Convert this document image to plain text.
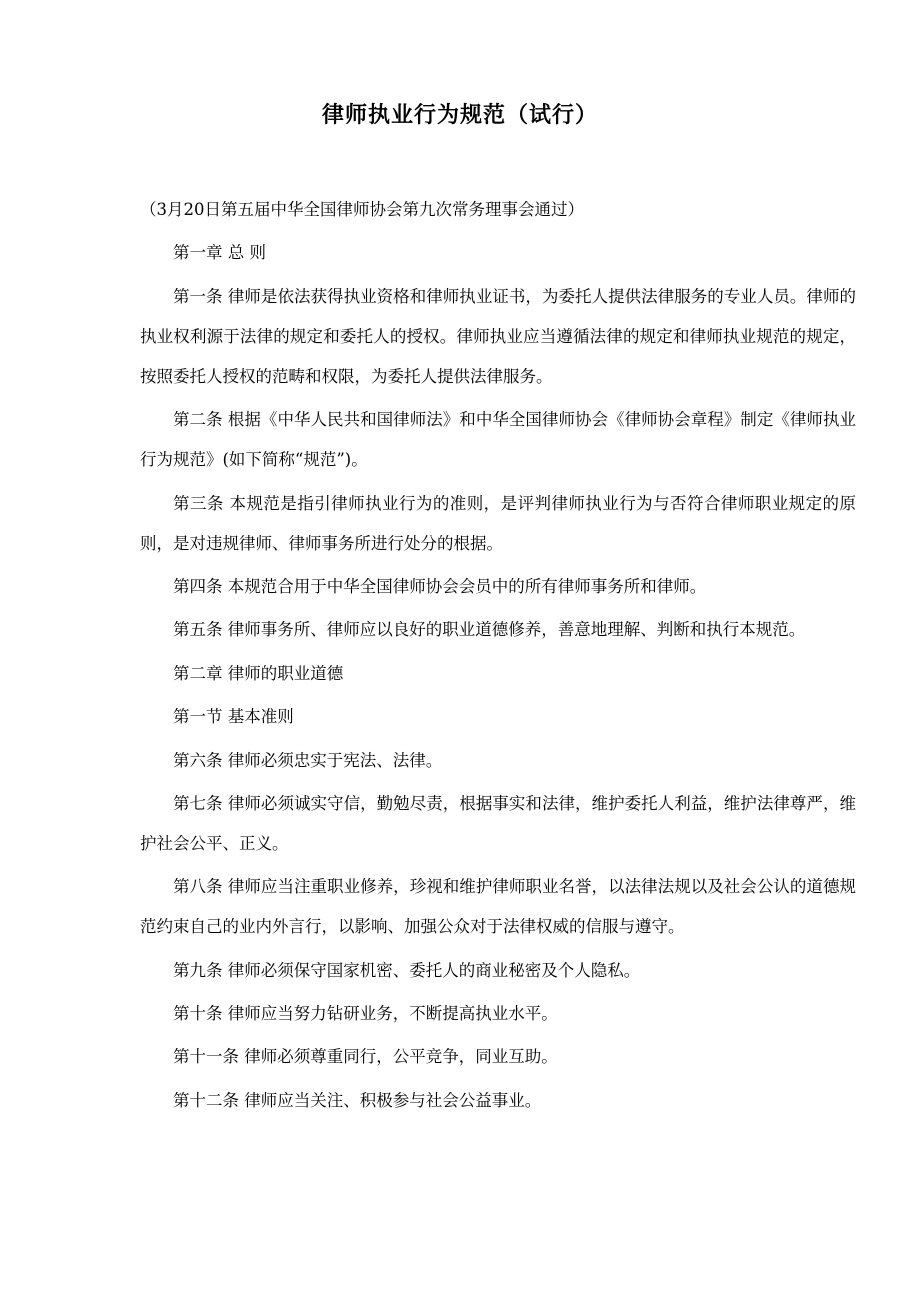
律师执业行为规范（试行）

（3月20日第五届中华全国律师协会第九次常务理事会通过）

第一章 总 则

第一条 律师是依法获得执业资格和律师执业证书，为委托人提供法律服务的专业人员。律师的执业权利源于法律的规定和委托人的授权。律师执业应当遵循法律的规定和律师执业规范的规定，按照委托人授权的范畴和权限，为委托人提供法律服务。

第二条 根据《中华人民共和国律师法》和中华全国律师协会《律师协会章程》制定《律师执业行为规范》(如下简称“规范”)。

第三条 本规范是指引律师执业行为的准则，是评判律师执业行为与否符合律师职业规定的原则，是对违规律师、律师事务所进行处分的根据。

第四条 本规范合用于中华全国律师协会会员中的所有律师事务所和律师。

第五条 律师事务所、律师应以良好的职业道德修养，善意地理解、判断和执行本规范。

第二章 律师的职业道德

第一节 基本准则

第六条 律师必须忠实于宪法、法律。

第七条 律师必须诚实守信，勤勉尽责，根据事实和法律，维护委托人利益，维护法律尊严，维护社会公平、正义。

第八条 律师应当注重职业修养，珍视和维护律师职业名誉，以法律法规以及社会公认的道德规范约束自己的业内外言行，以影响、加强公众对于法律权威的信服与遵守。

第九条 律师必须保守国家机密、委托人的商业秘密及个人隐私。

第十条 律师应当努力钻研业务，不断提高执业水平。

第十一条 律师必须尊重同行，公平竞争，同业互助。

第十二条 律师应当关注、积极参与社会公益事业。
